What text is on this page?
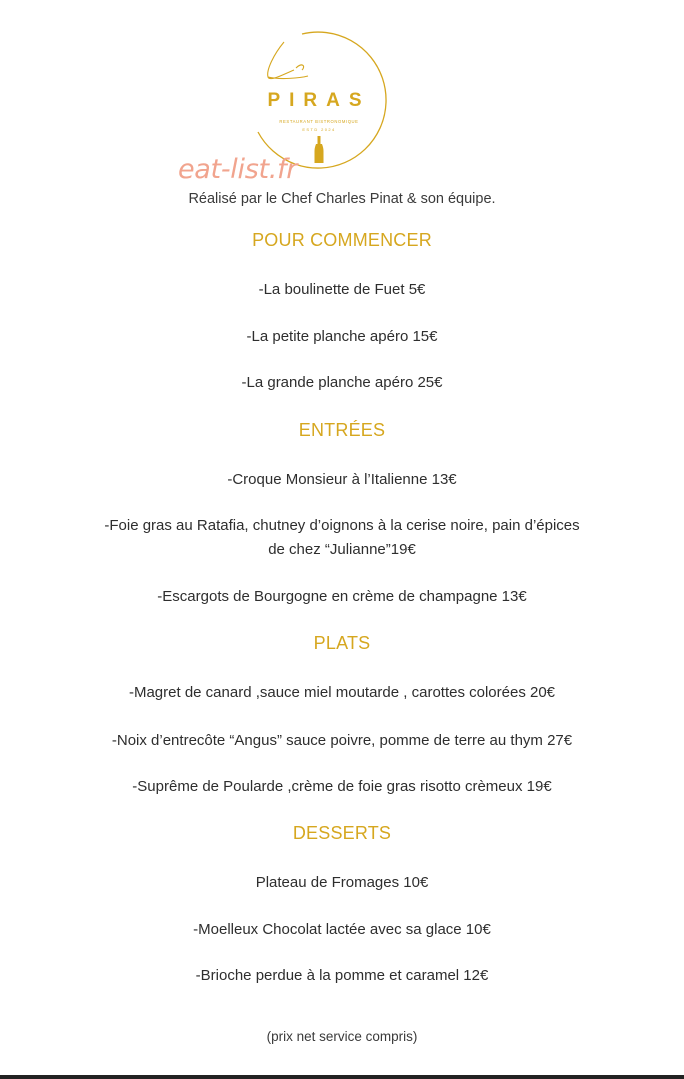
PIRAS
RESTAURANT BISTRONOMIQUE
ESTD 2024
eat-list.fr
Réalisé par le Chef Charles Pinat & son équipe.
POUR COMMENCER
-La boulinette de Fuet 5€
-La petite planche apéro 15€
-La grande planche apéro 25€
ENTRÉES
-Croque Monsieur à l’Italienne 13€
-Foie gras au Ratafia, chutney d’oignons à la cerise noire, pain d’épices
de chez “Julianne”19€
-Escargots de Bourgogne en crème de champagne 13€
PLATS
-Magret de canard ,sauce miel moutarde , carottes colorées 20€
-Noix d’entrecôte “Angus” sauce poivre, pomme de terre au thym 27€
-Suprême de Poularde ,crème de foie gras risotto crèmeux 19€
DESSERTS
Plateau de Fromages 10€
-Moelleux Chocolat lactée avec sa glace 10€
-Brioche perdue à la pomme et caramel 12€
(prix net service compris)
